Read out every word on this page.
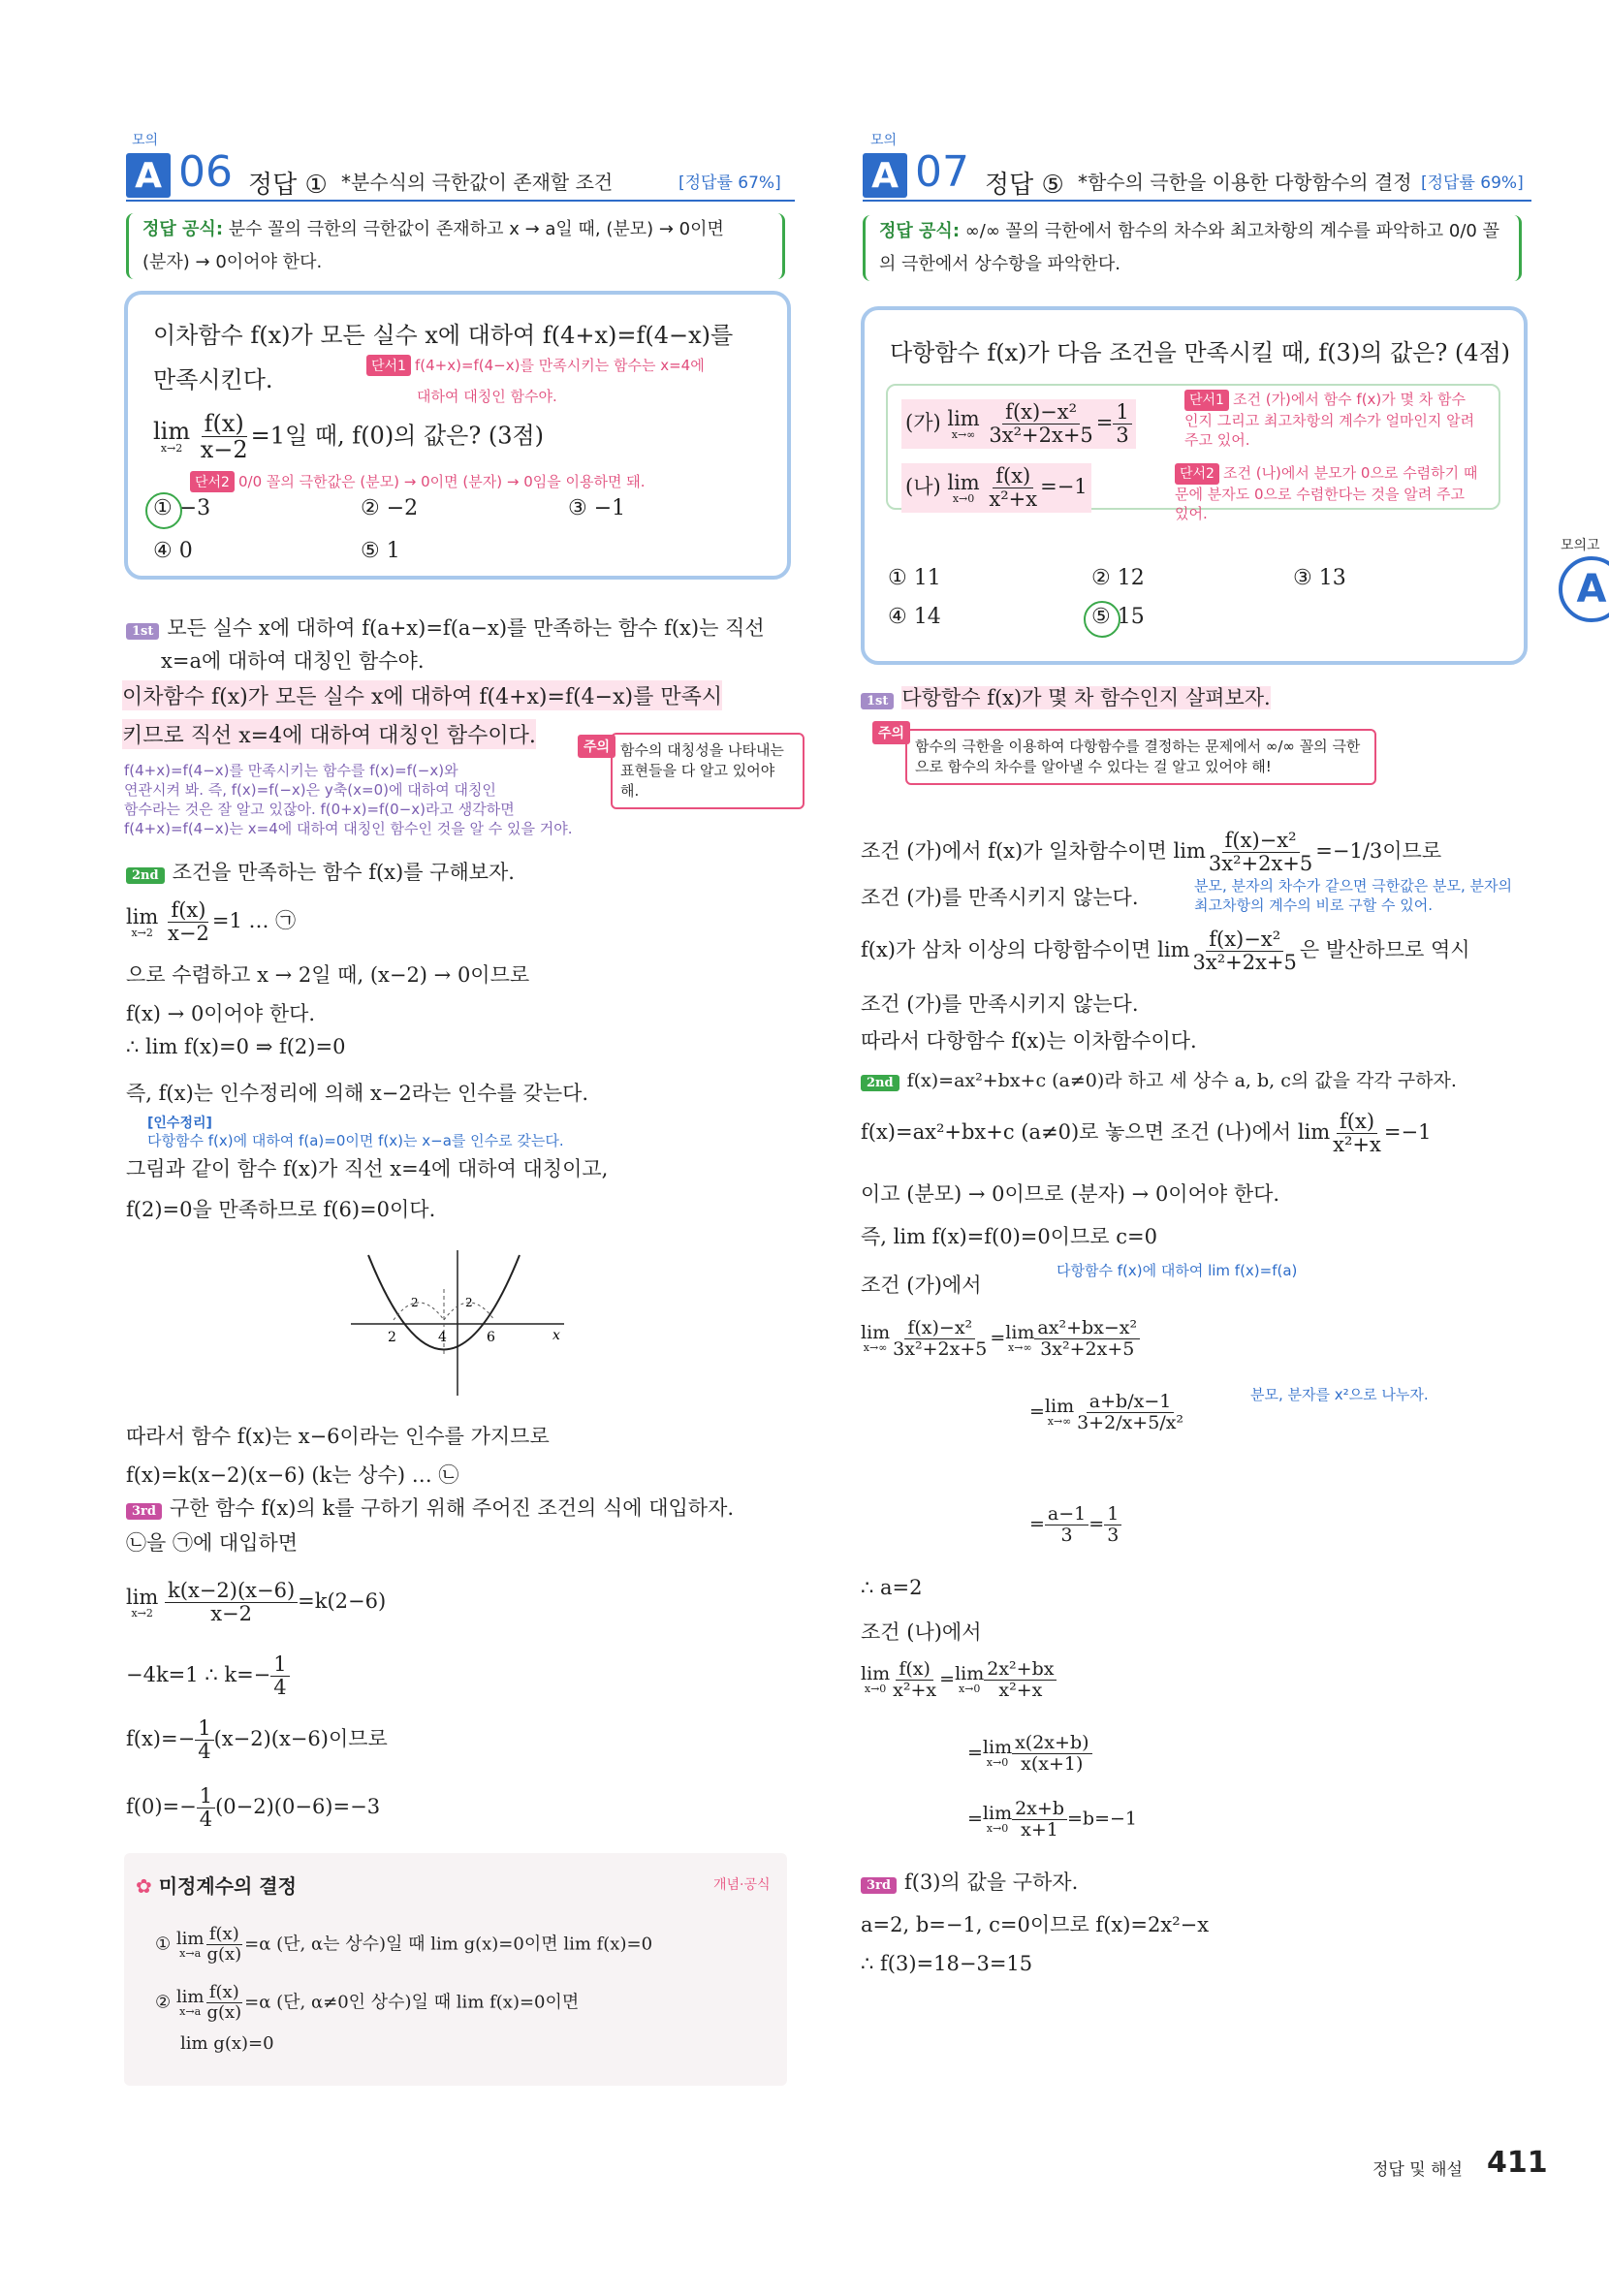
모의
A 06 정답 ① *분수식의 극한값이 존재할 조건	[정답률 67%]
정답 공식: 분수 꼴의 극한의 극한값이 존재하고 x → a일 때, (분모) → 0이면
(분자) → 0이어야 한다.
이차함수 f(x)가 모든 실수 x에 대하여 f(4+x)=f(4−x)를
만족시킨다.	단서1 f(4+x)=f(4−x)를 만족시키는 함수는 x=4에
대하여 대칭인 함수야.
lim
x→2
$\frac{f(x)}{x-2} =1$일 때, f(0)의 값은? (3점)
단서2 0/0 꼴의 극한값은 (분모) → 0이면 (분자) → 0임을 이용하면 돼.
① −3	② −2	③ −1
④ 0	⑤ 1
1st 모든 실수 x에 대하여 f(a+x)=f(a−x)를 만족하는 함수 f(x)는 직선
x=a에 대하여 대칭인 함수야.
이차함수 f(x)가 모든 실수 x에 대하여 f(4+x)=f(4−x)를 만족시
키므로 직선 x=4에 대하여 대칭인 함수이다.
f(4+x)=f(4−x)를 만족시키는 함수를 f(x)=f(−x)와
연관시켜 봐. 즉, f(x)=f(−x)은 y축(x=0)에 대하여 대칭인
함수라는 것은 잘 알고 있잖아. f(0+x)=f(0−x)라고 생각하면
f(4+x)=f(4−x)는 x=4에 대하여 대칭인 함수인 것을 알 수 있을 거야.
함수의 대칭성을 나타내는 표현들을 다 알고 있어야 해.
주의
2nd 조건을 만족하는 함수 f(x)를 구해보자.
lim
x→2
$\frac{f(x)}{x-2} =1$ … ㉠
으로 수렴하고 x → 2일 때, (x−2) → 0이므로
f(x) → 0이어야 한다.
∴ lim f(x)=0 ⇒ f(2)=0
즉, f(x)는 인수정리에 의해 x−2라는 인수를 갖는다.
[인수정리]
다항함수 f(x)에 대하여 f(a)=0이면 f(x)는 x−a를 인수로 갖는다.
그림과 같이 함수 f(x)가 직선 x=4에 대하여 대칭이고,
f(2)=0을 만족하므로 f(6)=0이다.
2	4	6
2	2
x
따라서 함수 f(x)는 x−6이라는 인수를 가지므로
f(x)=k(x−2)(x−6) (k는 상수) … ㉡
3rd 구한 함수 f(x)의 k를 구하기 위해 주어진 조건의 식에 대입하자.
㉡을 ㉠에 대입하면
lim
x→2
$\frac{k(x-2)(x-6)}{x-2} =k(2-6)$
−4k=1 ∴ $k=- \frac{1}{4}$
$f(x)=- \frac{1}{4} (x-2)(x-6)$이므로
$f(0)=- \frac{1}{4} (0-2)(0-6)=-3$
✿ 미정계수의 결정	개념·공식
① lim
$x\to a \frac{f(x)}{g(x)} =\alpha$ (단, α는 상수)일 때 lim g(x)=0이면 lim f(x)=0
② lim
$x\to a \frac{f(x)}{g(x)} =\alpha$ (단, α≠0인 상수)일 때 lim f(x)=0이면
lim g(x)=0
모의
A 07 정답 ⑤ *함수의 극한을 이용한 다항함수의 결정 [정답률 69%]
정답 공식: ∞/∞ 꼴의 극한에서 함수의 차수와 최고차항의 계수를 파악하고 0/0 꼴
의 극한에서 상수항을 파악한다.
다항함수 f(x)가 다음 조건을 만족시킬 때, f(3)의 값은? (4점)
(가) lim
x→∞
$\frac{\text{f(x)−x²}}{\text{3x²+2x+5}} = \frac{1}{3}$
(나) lim
x→0
$\frac{f(x)}{\text{x²+x}} =-1$
단서1 조건 (가)에서 함수 f(x)가 몇 차 함수인지 그리고 최고차항의 계수가 얼마인지 알려 주고 있어.
단서2 조건 (나)에서 분모가 0으로 수렴하기 때문에 분자도 0으로 수렴한다는 것을 알려 주고 있어.
① 11	② 12	③ 13
④ 14	⑤ 15
1st 다항함수 f(x)가 몇 차 함수인지 살펴보자.
함수의 극한을 이용하여 다항함수를 결정하는 문제에서 ∞/∞ 꼴의 극한으로 함수의 차수를 알아낼 수 있다는 걸 알고 있어야 해!
주의
조건 (가)에서 f(x)가 일차함수이면 $\lim \frac{\text{f(x)−x²}}{\text{3x²+2x+5}} =-1/3$이므로
조건 (가)를 만족시키지 않는다.	분모, 분자의 차수가 같으면 극한값은 분모, 분자의 최고차항의 계수의 비로 구할 수 있어.
f(x)가 삼차 이상의 다항함수이면 $\lim \frac{\text{f(x)−x²}}{\text{3x²+2x+5}}$ 은 발산하므로 역시
조건 (가)를 만족시키지 않는다.
따라서 다항함수 f(x)는 이차함수이다.
2nd f(x)=ax²+bx+c (a≠0)라 하고 세 상수 a, b, c의 값을 각각 구하자.
f(x)=ax²+bx+c (a≠0)로 놓으면 조건 (나)에서 $\lim \frac{f(x)}{\text{x²+x}} =-1$
이고 (분모) → 0이므로 (분자) → 0이어야 한다.
즉, lim f(x)=f(0)=0이므로 c=0
다항함수 f(x)에 대하여 lim f(x)=f(a)
조건 (가)에서
lim
$x\to\infty \frac{\text{f(x)−x²}}{\text{3x²+2x+5}} = \lim$
$x\to\infty \frac{\text{ax²+bx−x²}}{\text{3x²+2x+5}}$
분모, 분자를 x²으로 나누자.
= lim
$x\to\infty \frac{a+b/x-1}{\text{3+2/x+5/x²}}$
= $\frac{a-1}{3} = \frac{1}{3}$
∴ a=2
조건 (나)에서
lim
$x\to 0 \frac{f(x)}{\text{x²+x}} = \lim$
$x\to 0 \frac{\text{2x²+bx}}{\text{x²+x}}$
= lim
$x\to 0 \frac{x(2x+b)}{x(x+1)}$
= lim
$x\to 0 \frac{2x+b}{x+1} =b=-1$
3rd f(3)의 값을 구하자.
a=2, b=−1, c=0이므로 f(x)=2x²−x
∴ f(3)=18−3=15
모의고
A
정답 및 해설 411
